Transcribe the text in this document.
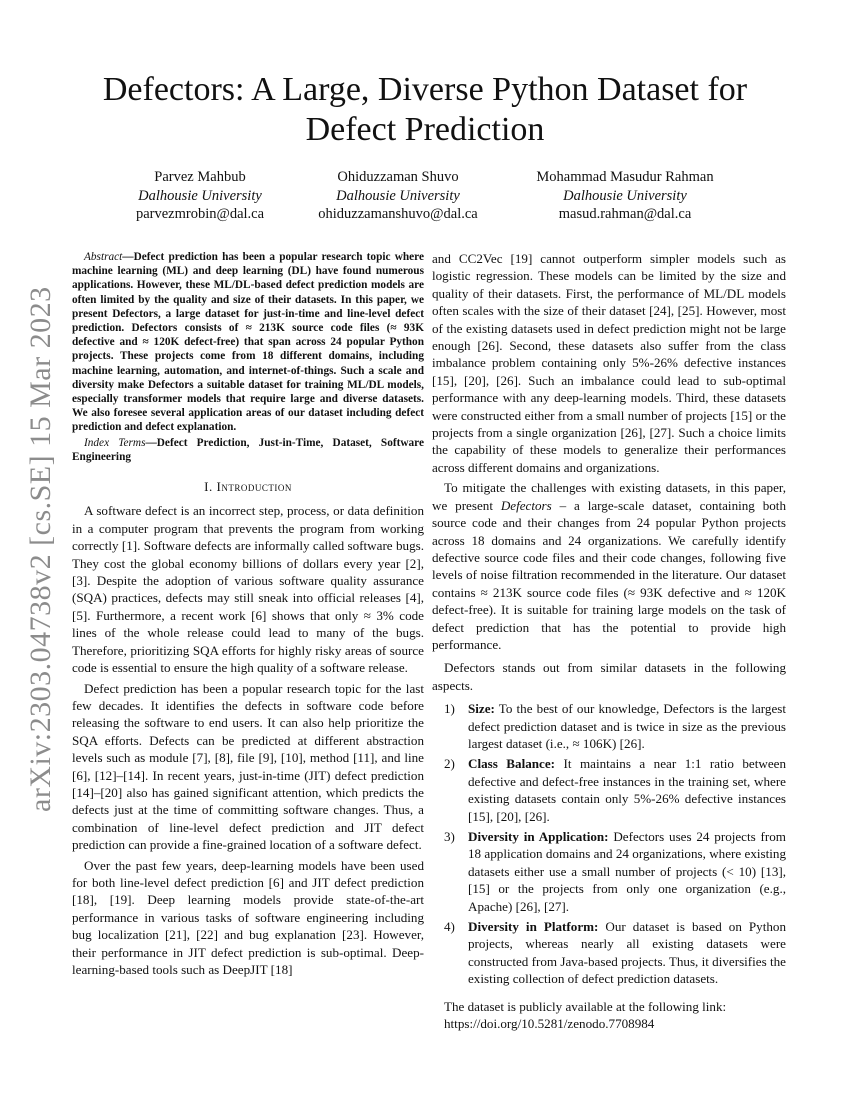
arXiv:2303.04738v2 [cs.SE] 15 Mar 2023
Defectors: A Large, Diverse Python Dataset for
Defect Prediction
Parvez Mahbub
Dalhousie University
parvezmrobin@dal.ca
Ohiduzzaman Shuvo
Dalhousie University
ohiduzzamanshuvo@dal.ca
Mohammad Masudur Rahman
Dalhousie University
masud.rahman@dal.ca

Abstract—Defect prediction has been a popular research topic where machine learning (ML) and deep learning (DL) have found numerous applications. However, these ML/DL-based defect prediction models are often limited by the quality and size of their datasets. In this paper, we present Defectors, a large dataset for just-in-time and line-level defect prediction. Defectors consists of ≈ 213K source code files (≈ 93K defective and ≈ 120K defect-free) that span across 24 popular Python projects. These projects come from 18 different domains, including machine learning, automation, and internet-of-things. Such a scale and diversity make Defectors a suitable dataset for training ML/DL models, especially transformer models that require large and diverse datasets. We also foresee several application areas of our dataset including defect prediction and defect explanation.

Index Terms—Defect Prediction, Just-in-Time, Dataset, Software Engineering

I. Introduction

A software defect is an incorrect step, process, or data definition in a computer program that prevents the program from working correctly [1]. Software defects are informally called software bugs. They cost the global economy billions of dollars every year [2], [3]. Despite the adoption of various software quality assurance (SQA) practices, defects may still sneak into official releases [4], [5]. Furthermore, a recent work [6] shows that only ≈ 3% code lines of the whole release could lead to many of the bugs. Therefore, prioritizing SQA efforts for highly risky areas of source code is essential to ensure the high quality of a software release.

Defect prediction has been a popular research topic for the last few decades. It identifies the defects in software code before releasing the software to end users. It can also help prioritize the SQA efforts. Defects can be predicted at different abstraction levels such as module [7], [8], file [9], [10], method [11], and line [6], [12]–[14]. In recent years, just-in-time (JIT) defect prediction [14]–[20] also has gained significant attention, which predicts the defects just at the time of committing software changes. Thus, a combination of line-level defect prediction and JIT defect prediction can provide a fine-grained location of a software defect.

Over the past few years, deep-learning models have been used for both line-level defect prediction [6] and JIT defect prediction [18], [19]. Deep learning models provide state-of-the-art performance in various tasks of software engineering including bug localization [21], [22] and bug explanation [23]. However, their performance in JIT defect prediction is sub-optimal. Deep-learning-based tools such as DeepJIT [18]

and CC2Vec [19] cannot outperform simpler models such as logistic regression. These models can be limited by the size and quality of their datasets. First, the performance of ML/DL models often scales with the size of their dataset [24], [25]. However, most of the existing datasets used in defect prediction might not be large enough [26]. Second, these datasets also suffer from the class imbalance problem containing only 5%-26% defective instances [15], [20], [26]. Such an imbalance could lead to sub-optimal performance with any deep-learning models. Third, these datasets were constructed either from a small number of projects [15] or the projects from a single organization [26], [27]. Such a choice limits the capability of these models to generalize their performances across different domains and organizations.

To mitigate the challenges with existing datasets, in this paper, we present Defectors – a large-scale dataset, containing both source code and their changes from 24 popular Python projects across 18 domains and 24 organizations. We carefully identify defective source code files and their code changes, following five levels of noise filtration recommended in the literature. Our dataset contains ≈ 213K source code files (≈ 93K defective and ≈ 120K defect-free). It is suitable for training large models on the task of defect prediction that has the potential to provide high performance.

Defectors stands out from similar datasets in the following aspects.

1) Size: To the best of our knowledge, Defectors is the largest defect prediction dataset and is twice in size as the previous largest dataset (i.e., ≈ 106K) [26].
2) Class Balance: It maintains a near 1:1 ratio between defective and defect-free instances in the training set, where existing datasets contain only 5%-26% defective instances [15], [20], [26].
3) Diversity in Application: Defectors uses 24 projects from 18 application domains and 24 organizations, where existing datasets either use a small number of projects (< 10) [13], [15] or the projects from only one organization (e.g., Apache) [26], [27].
4) Diversity in Platform: Our dataset is based on Python projects, whereas nearly all existing datasets were constructed from Java-based projects. Thus, it diversifies the existing collection of defect prediction datasets.

The dataset is publicly available at the following link:
https://doi.org/10.5281/zenodo.7708984
